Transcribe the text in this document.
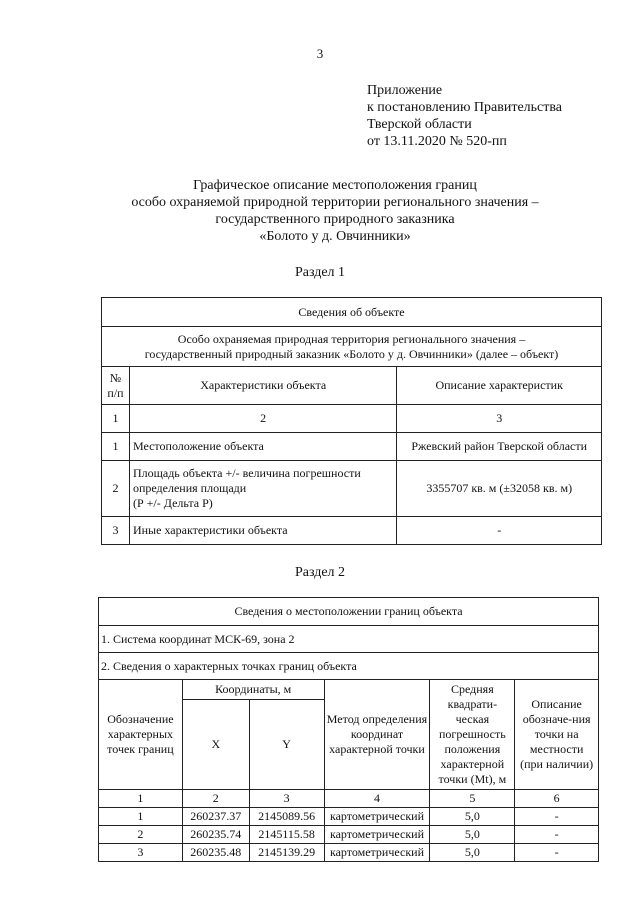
3
Приложение
к постановлению Правительства
Тверской области
от 13.11.2020 № 520-пп
Графическое описание местоположения границ
особо охраняемой природной территории регионального значения –
государственного природного заказника
«Болото у д. Овчинники»
Раздел 1
Сведения об объекте		

Особо охраняемая природная территория регионального значения –
государственный природный заказник «Болото у д. Овчинники» (далее – объект)		

№ п/п	Характеристики объекта	Описание характеристик
1	2	3
1	Местоположение объекта	Ржевский район Тверской области
2	Площадь объекта +/- величина погрешности
определения площади
(Р +/- Дельта Р)	3355707 кв. м (±32058 кв. м)
3	Иные характеристики объекта	-
Раздел 2
Сведения о местоположении границ объекта					
1. Система координат МСК-69, зона 2					
2. Сведения о характерных точках границ объекта					
Обозначение характерных точек границ	Координаты, м		Метод определения координат характерной точки	Средняя квадрати-ческая погрешность положения характерной точки (Mt), м	Описание обозначе-ния точки на местности (при наличии)
	X	Y			
1	2	3	4	5	6
1	260237.37	2145089.56	картометрический	5,0	-
2	260235.74	2145115.58	картометрический	5,0	-
3	260235.48	2145139.29	картометрический	5,0	-
